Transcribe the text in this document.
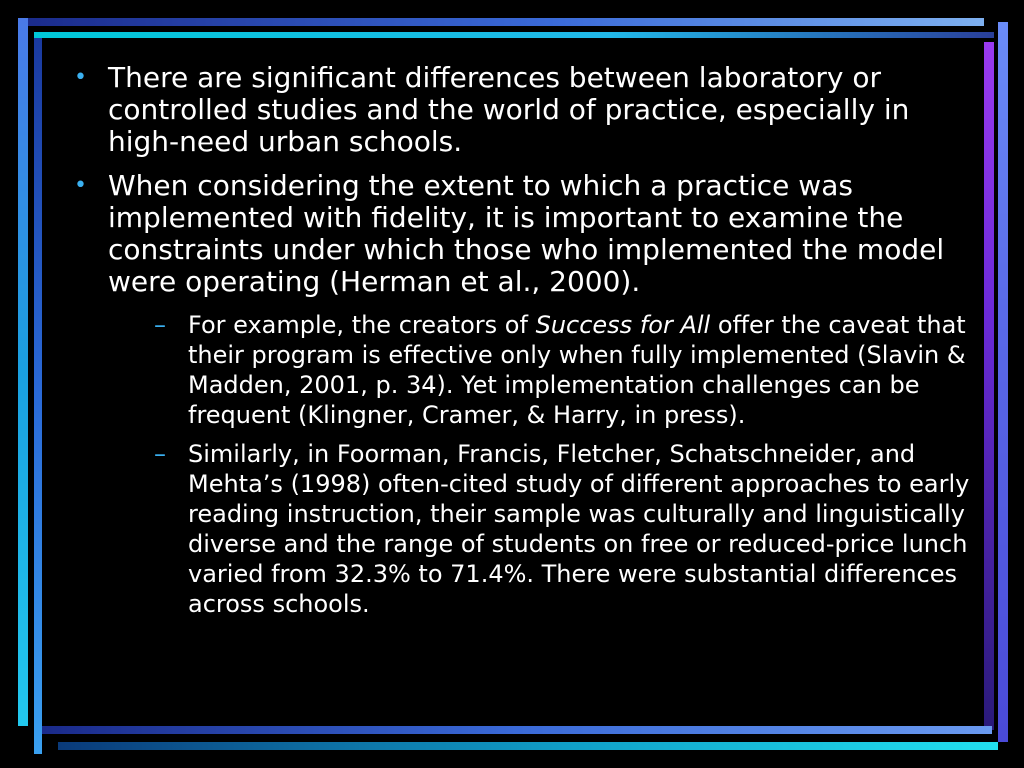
• There are significant differences between laboratory or controlled studies and the world of practice, especially in high-need urban schools.
• When considering the extent to which a practice was implemented with fidelity, it is important to examine the constraints under which those who implemented the model were operating (Herman et al., 2000).
– For example, the creators of Success for All offer the caveat that their program is effective only when fully implemented (Slavin & Madden, 2001, p. 34). Yet implementation challenges can be frequent (Klingner, Cramer, & Harry, in press).
– Similarly, in Foorman, Francis, Fletcher, Schatschneider, and Mehta’s (1998) often-cited study of different approaches to early reading instruction, their sample was culturally and linguistically diverse and the range of students on free or reduced-price lunch varied from 32.3% to 71.4%. There were substantial differences across schools.
